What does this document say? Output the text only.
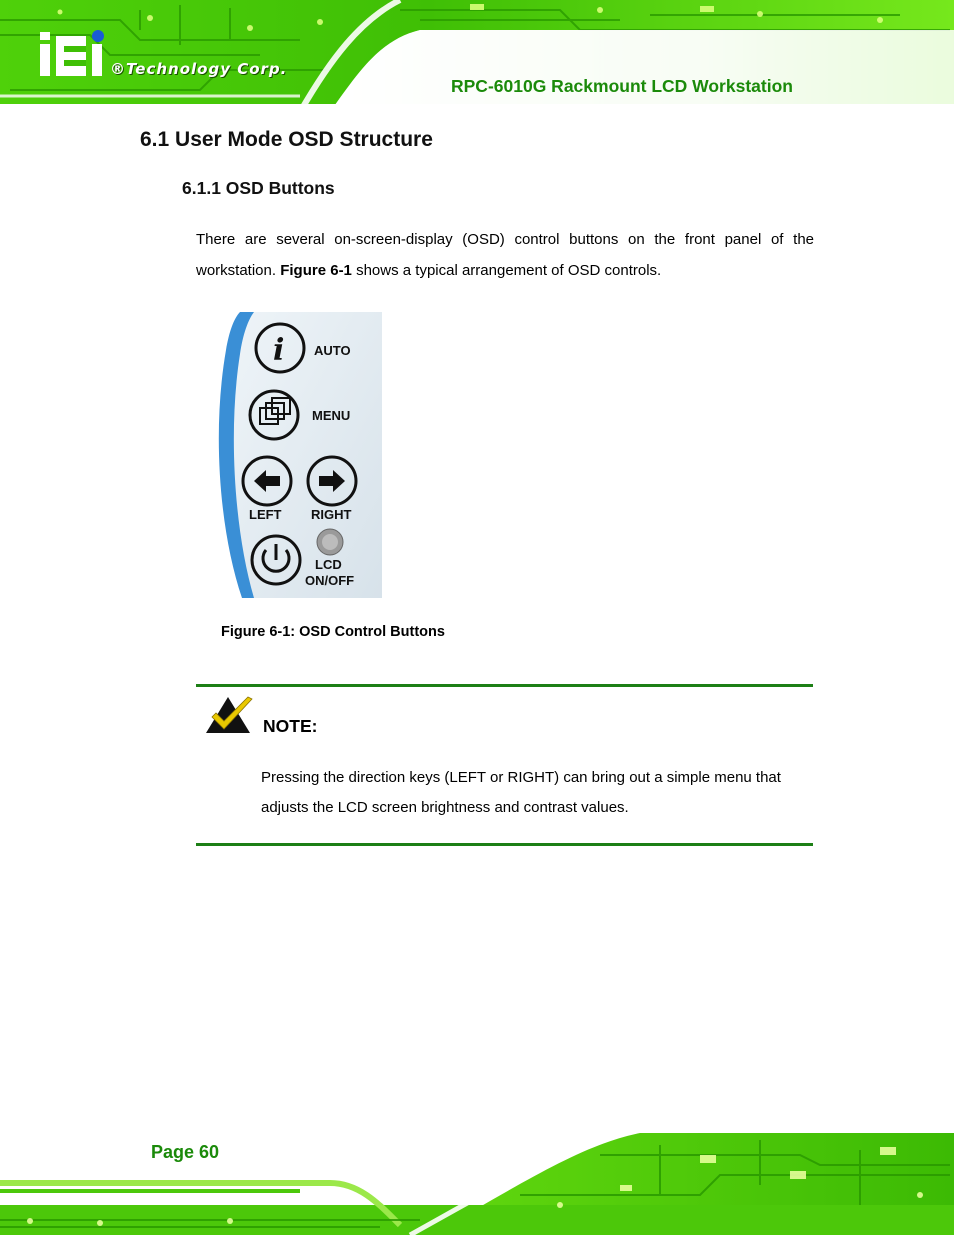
®Technology Corp.
RPC-6010G Rackmount LCD Workstation
6.1 User Mode OSD Structure
6.1.1 OSD Buttons
There are several on-screen-display (OSD) control buttons on the front panel of the workstation. Figure 6-1 shows a typical arrangement of OSD controls.
i AUTO
MENU
LEFT RIGHT
LCD
ON/OFF
Figure 6-1: OSD Control Buttons
NOTE:
Pressing the direction keys (LEFT or RIGHT) can bring out a simple menu that
adjusts the LCD screen brightness and contrast values.
Page 60
